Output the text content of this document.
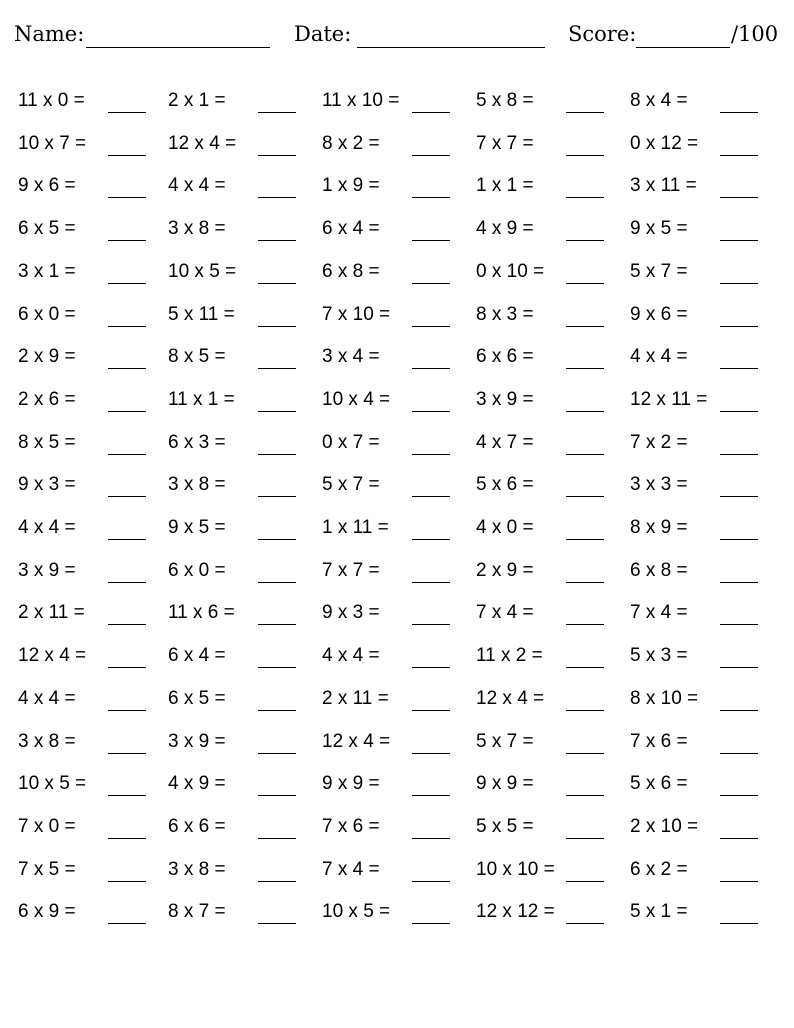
Name:	Date:	Score:	/100
11 x 0 =	2 x 1 =	11 x 10 =	5 x 8 =	8 x 4 =
10 x 7 =	12 x 4 =	8 x 2 =	7 x 7 =	0 x 12 =
9 x 6 =	4 x 4 =	1 x 9 =	1 x 1 =	3 x 11 =
6 x 5 =	3 x 8 =	6 x 4 =	4 x 9 =	9 x 5 =
3 x 1 =	10 x 5 =	6 x 8 =	0 x 10 =	5 x 7 =
6 x 0 =	5 x 11 =	7 x 10 =	8 x 3 =	9 x 6 =
2 x 9 =	8 x 5 =	3 x 4 =	6 x 6 =	4 x 4 =
2 x 6 =	11 x 1 =	10 x 4 =	3 x 9 =	12 x 11 =
8 x 5 =	6 x 3 =	0 x 7 =	4 x 7 =	7 x 2 =
9 x 3 =	3 x 8 =	5 x 7 =	5 x 6 =	3 x 3 =
4 x 4 =	9 x 5 =	1 x 11 =	4 x 0 =	8 x 9 =
3 x 9 =	6 x 0 =	7 x 7 =	2 x 9 =	6 x 8 =
2 x 11 =	11 x 6 =	9 x 3 =	7 x 4 =	7 x 4 =
12 x 4 =	6 x 4 =	4 x 4 =	11 x 2 =	5 x 3 =
4 x 4 =	6 x 5 =	2 x 11 =	12 x 4 =	8 x 10 =
3 x 8 =	3 x 9 =	12 x 4 =	5 x 7 =	7 x 6 =
10 x 5 =	4 x 9 =	9 x 9 =	9 x 9 =	5 x 6 =
7 x 0 =	6 x 6 =	7 x 6 =	5 x 5 =	2 x 10 =
7 x 5 =	3 x 8 =	7 x 4 =	10 x 10 =	6 x 2 =
6 x 9 =	8 x 7 =	10 x 5 =	12 x 12 =	5 x 1 =
